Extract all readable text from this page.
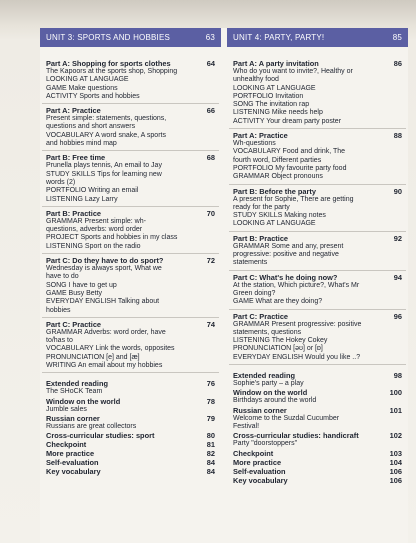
UNIT 3: SPORTS AND HOBBIES	63
Part A: Shopping for sports clothes	64
The Kapoors at the sports shop, Shopping
LOOKING AT LANGUAGE
GAME Make questions
ACTIVITY Sports and hobbies
Part A: Practice	66
Present simple: statements, questions,
questions and short answers
VOCABULARY A word snake, A sports
and hobbies mind map
Part B: Free time	68
Prunella plays tennis, An email to Jay
STUDY SKILLS Tips for learning new
words (2)
PORTFOLIO Writing an email
LISTENING Lazy Larry
Part B: Practice	70
GRAMMAR Present simple: wh-
questions, adverbs: word order
PROJECT Sports and hobbies in my class
LISTENING Sport on the radio
Part C: Do they have to do sport?	72
Wednesday is always sport, What we
have to do
SONG I have to get up
GAME Busy Betty
EVERYDAY ENGLISH Talking about
hobbies
Part C: Practice	74
GRAMMAR Adverbs: word order, have
to/has to
VOCABULARY Link the words, opposites
PRONUNCIATION [e] and [æ]
WRITING An email about my hobbies
Extended reading	76
The SHoCK Team
Window on the world	78
Jumble sales
Russian corner	79
Russians are great collectors
Cross-curricular studies: sport	80
Checkpoint	81
More practice	82
Self-evaluation	84
Key vocabulary	84
UNIT 4: PARTY, PARTY!	85
Part A: A party invitation	86
Who do you want to invite?, Healthy or
unhealthy food
LOOKING AT LANGUAGE
PORTFOLIO Invitation
SONG The invitation rap
LISTENING Mike needs help
ACTIVITY Your dream party poster
Part A: Practice	88
Wh-questions
VOCABULARY Food and drink, The
fourth word, Different parties
PORTFOLIO My favourite party food
GRAMMAR Object pronouns
Part B: Before the party	90
A present for Sophie, There are getting
ready for the party
STUDY SKILLS Making notes
LOOKING AT LANGUAGE
Part B: Practice	92
GRAMMAR Some and any, present
progressive: positive and negative
statements
Part C: What's he doing now?	94
At the station, Which picture?, What's Mr
Green doing?
GAME What are they doing?
Part C: Practice	96
GRAMMAR Present progressive: positive
statements, questions
LISTENING The Hokey Cokey
PRONUNCIATION [əʊ] or [ɒ]
EVERYDAY ENGLISH Would you like ..?
Extended reading	98
Sophie's party – a play
Window on the world	100
Birthdays around the world
Russian corner	101
Welcome to the Suzdal Cucumber
Festival!
Cross-curricular studies: handicraft	102
Party "doorstoppers"
Checkpoint	103
More practice	104
Self-evaluation	106
Key vocabulary	106
